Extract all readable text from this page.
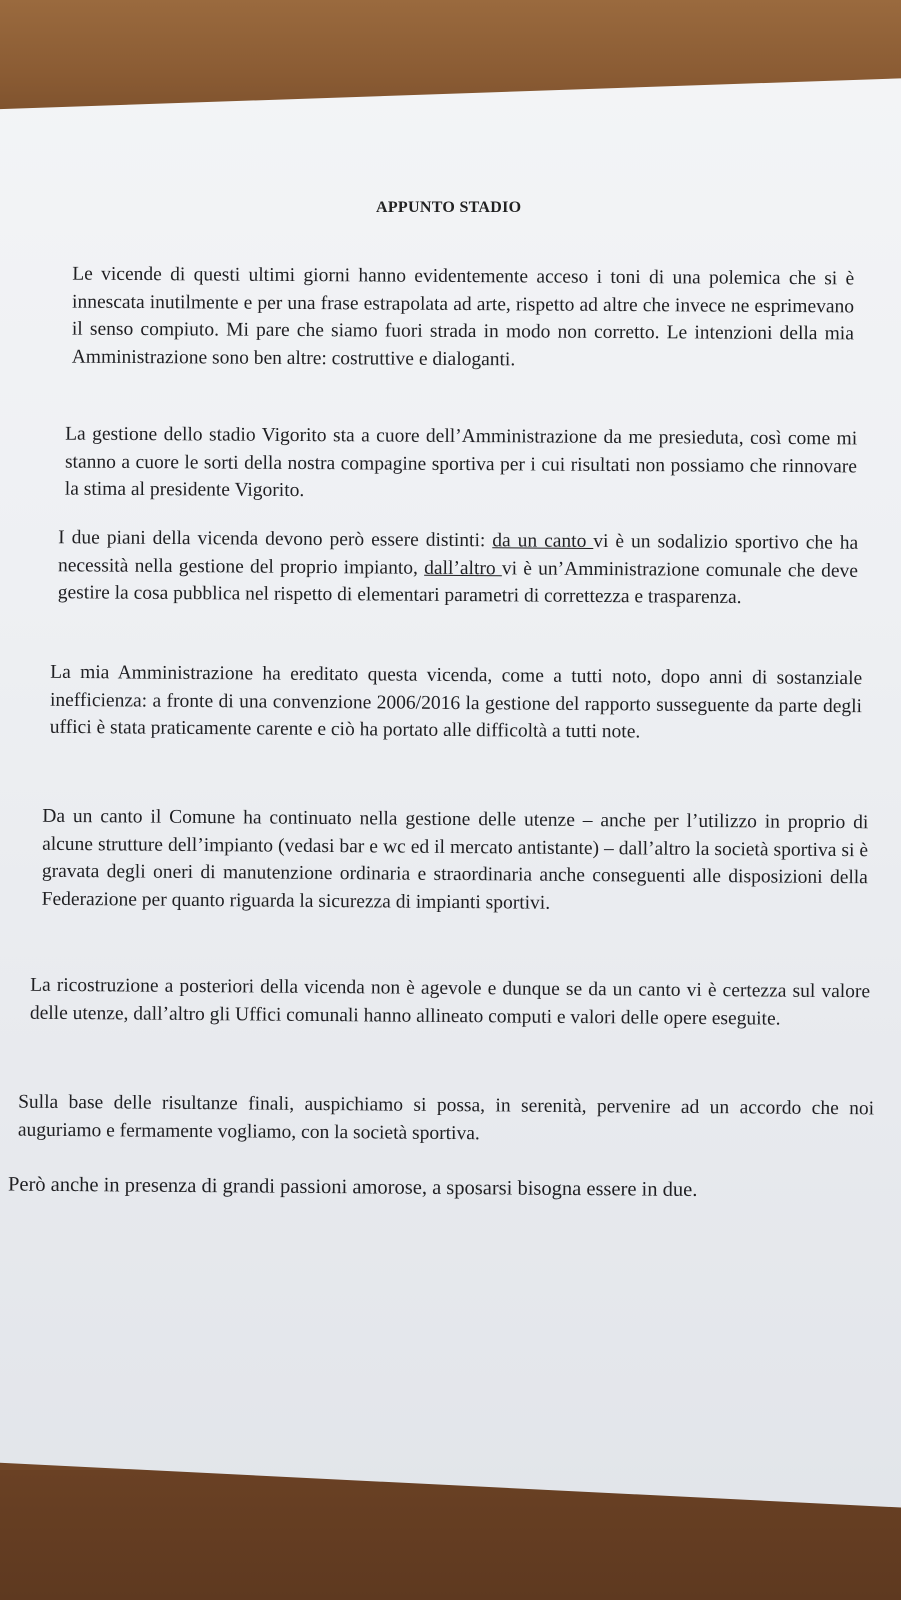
APPUNTO STADIO
Le vicende di questi ultimi giorni hanno evidentemente acceso i toni di una polemica che si è innescata inutilmente e per una frase estrapolata ad arte, rispetto ad altre che invece ne esprimevano il senso compiuto. Mi pare che siamo fuori strada in modo non corretto. Le intenzioni della mia Amministrazione sono ben altre: costruttive e dialoganti.
La gestione dello stadio Vigorito sta a cuore dell’Amministrazione da me presieduta, così come mi stanno a cuore le sorti della nostra compagine sportiva per i cui risultati non possiamo che rinnovare la stima al presidente Vigorito.
I due piani della vicenda devono però essere distinti: da un canto vi è un sodalizio sportivo che ha necessità nella gestione del proprio impianto, dall’altro vi è un’Amministrazione comunale che deve gestire la cosa pubblica nel rispetto di elementari parametri di correttezza e trasparenza.
La mia Amministrazione ha ereditato questa vicenda, come a tutti noto, dopo anni di sostanziale inefficienza: a fronte di una convenzione 2006/2016 la gestione del rapporto susseguente da parte degli uffici è stata praticamente carente e ciò ha portato alle difficoltà a tutti note.
Da un canto il Comune ha continuato nella gestione delle utenze – anche per l’utilizzo in proprio di alcune strutture dell’impianto (vedasi bar e wc ed il mercato antistante) – dall’altro la società sportiva si è gravata degli oneri di manutenzione ordinaria e straordinaria anche conseguenti alle disposizioni della Federazione per quanto riguarda la sicurezza di impianti sportivi.
La ricostruzione a posteriori della vicenda non è agevole e dunque se da un canto vi è certezza sul valore delle utenze, dall’altro gli Uffici comunali hanno allineato computi e valori delle opere eseguite.
Sulla base delle risultanze finali, auspichiamo si possa, in serenità, pervenire ad un accordo che noi auguriamo e fermamente vogliamo, con la società sportiva.
Però anche in presenza di grandi passioni amorose, a sposarsi bisogna essere in due.
